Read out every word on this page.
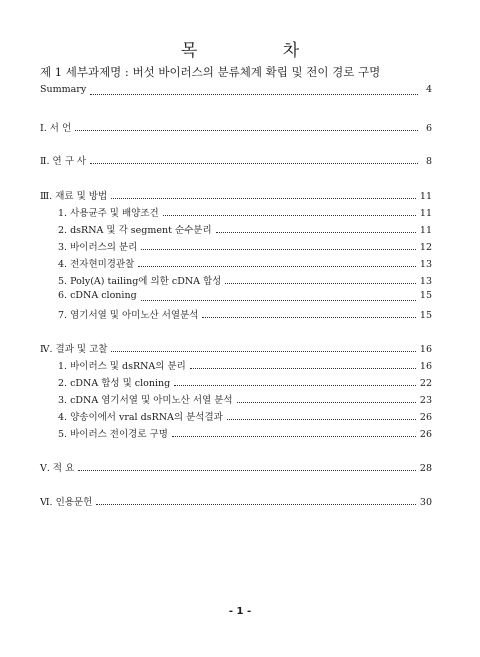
목 차
제 1 세부과제명 : 버섯 바이러스의 분류체계 확립 및 전이 경로 구명
Summary	4
Ⅰ. 서 언	6
Ⅱ. 연 구 사	8
Ⅲ. 재료 및 방법	11
1. 사용균주 및 배양조건	11
2. dsRNA 및 각 segment 순수분리	11
3. 바이러스의 분리	12
4. 전자현미경관찰	13
5. Poly(A) tailing에 의한 cDNA 합성	13
6. cDNA cloning	15
7. 염기서열 및 아미노산 서열분석	15
Ⅳ. 결과 및 고찰	16
1. 바이러스 및 dsRNA의 분리	16
2. cDNA 합성 및 cloning	22
3. cDNA 염기서열 및 아미노산 서열 분석	23
4. 양송이에서 vral dsRNA의 분석결과	26
5. 바이러스 전이경로 구명	26
Ⅴ. 적 요	28
Ⅵ. 인용문헌	30
- 1 -
